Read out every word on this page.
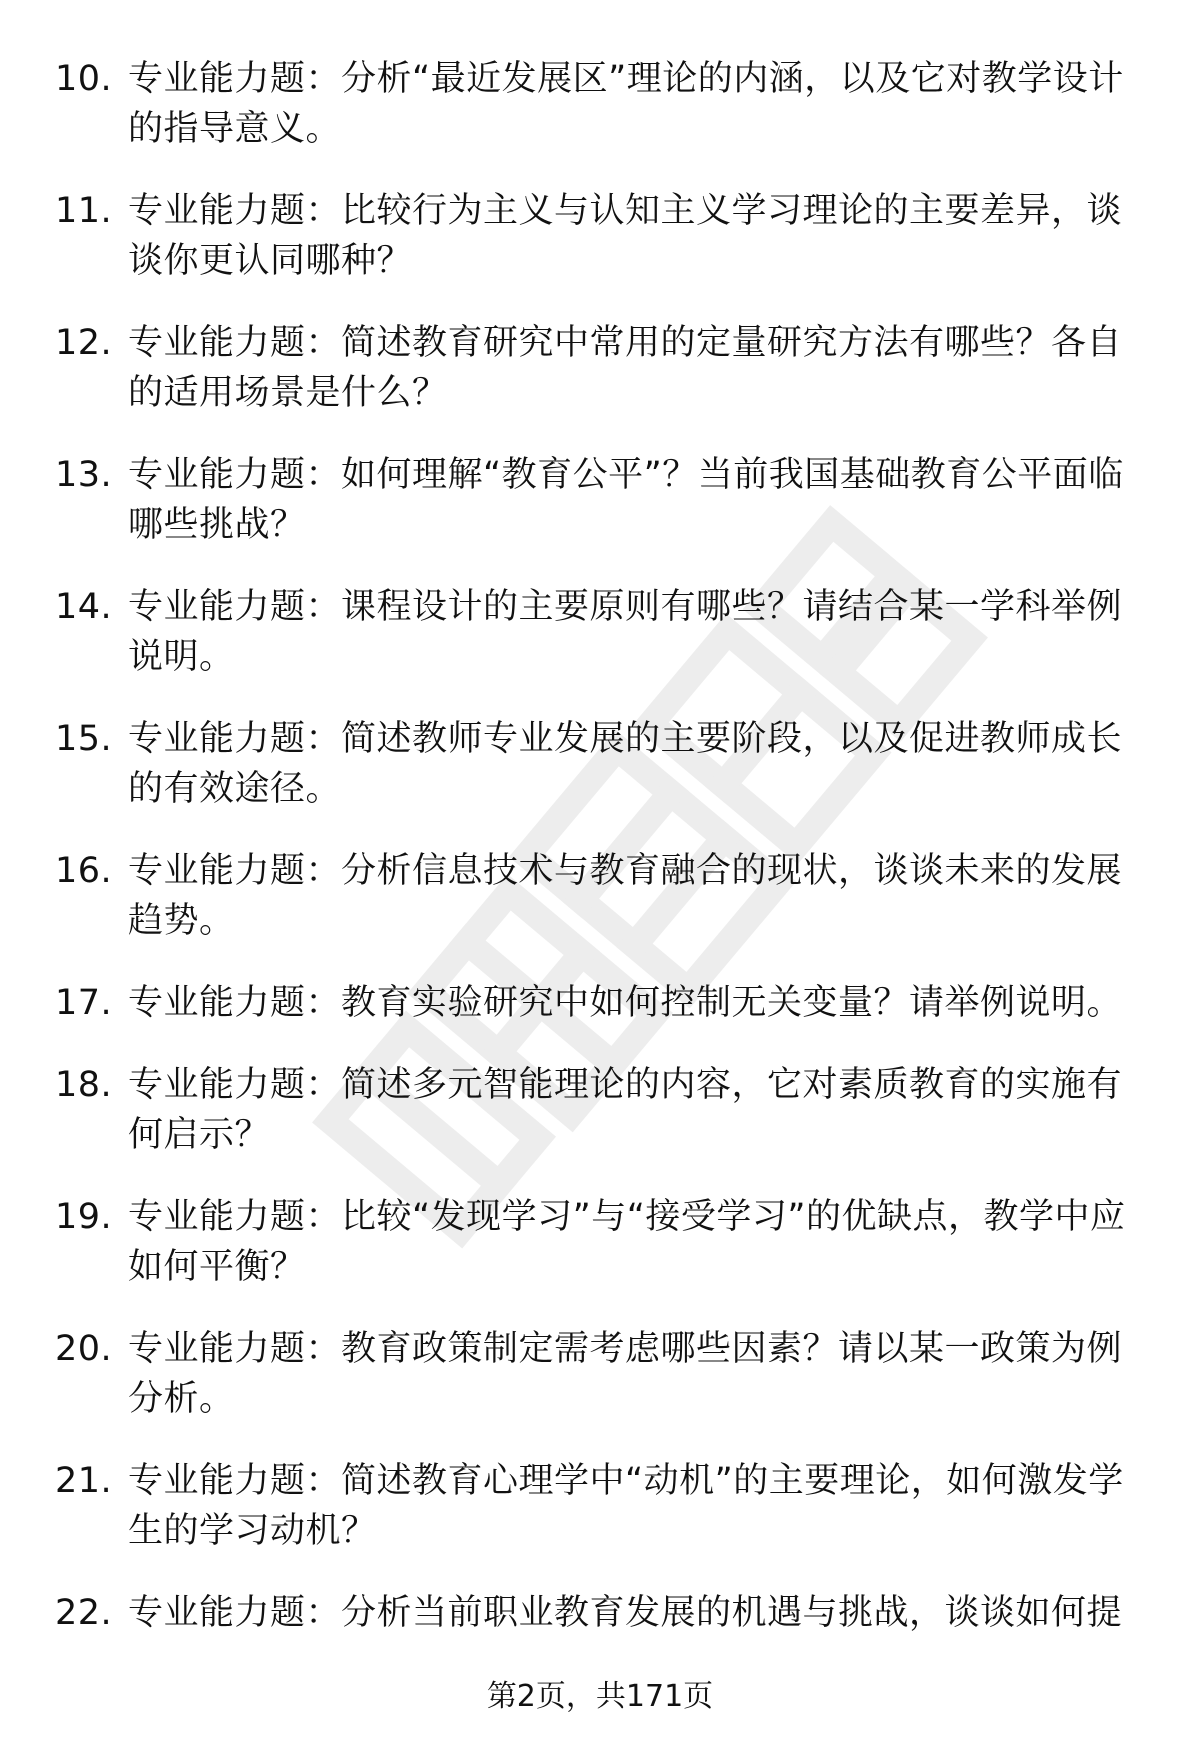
10. 专业能力题：分析“最近发展区”理论的内涵，以及它对教学设计的指导意义。
11. 专业能力题：比较行为主义与认知主义学习理论的主要差异，谈谈你更认同哪种？
12. 专业能力题：简述教育研究中常用的定量研究方法有哪些？各自的适用场景是什么？
13. 专业能力题：如何理解“教育公平”？当前我国基础教育公平面临哪些挑战？
14. 专业能力题：课程设计的主要原则有哪些？请结合某一学科举例说明。
15. 专业能力题：简述教师专业发展的主要阶段，以及促进教师成长的有效途径。
16. 专业能力题：分析信息技术与教育融合的现状，谈谈未来的发展趋势。
17. 专业能力题：教育实验研究中如何控制无关变量？请举例说明。
18. 专业能力题：简述多元智能理论的内容，它对素质教育的实施有何启示？
19. 专业能力题：比较“发现学习”与“接受学习”的优缺点，教学中应如何平衡？
20. 专业能力题：教育政策制定需考虑哪些因素？请以某一政策为例分析。
21. 专业能力题：简述教育心理学中“动机”的主要理论，如何激发学生的学习动机？
22. 专业能力题：分析当前职业教育发展的机遇与挑战，谈谈如何提
第2页，共171页
